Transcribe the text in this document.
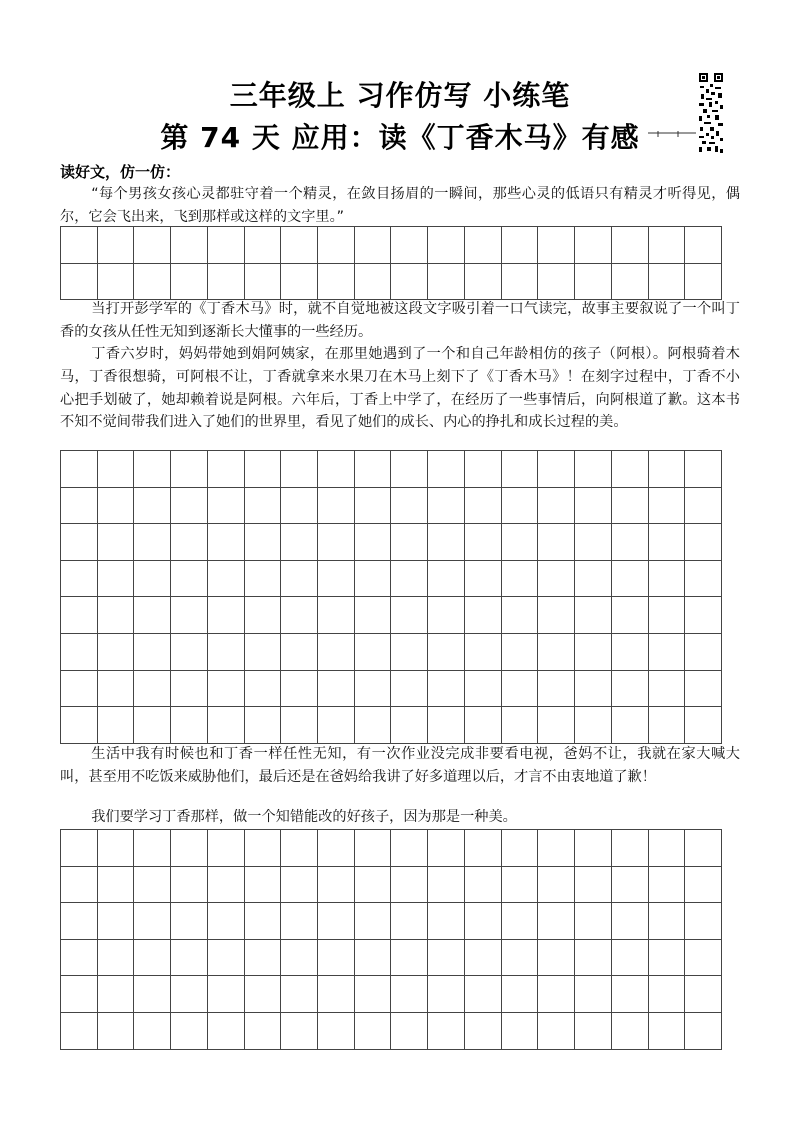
三年级上 习作仿写 小练笔
第 74 天 应用：读《丁香木马》有感
读好文，仿一仿：

“每个男孩女孩心灵都驻守着一个精灵，在敛目扬眉的一瞬间，那些心灵的低语只有精灵才听得见，偶尔，它会飞出来，飞到那样或这样的文字里。”

当打开彭学军的《丁香木马》时，就不自觉地被这段文字吸引着一口气读完，故事主要叙说了一个叫丁香的女孩从任性无知到逐渐长大懂事的一些经历。

丁香六岁时，妈妈带她到娟阿姨家，在那里她遇到了一个和自己年龄相仿的孩子（阿根）。阿根骑着木马，丁香很想骑，可阿根不让，丁香就拿来水果刀在木马上刻下了《丁香木马》！在刻字过程中，丁香不小心把手划破了，她却赖着说是阿根。六年后，丁香上中学了，在经历了一些事情后，向阿根道了歉。这本书不知不觉间带我们进入了她们的世界里，看见了她们的成长、内心的挣扎和成长过程的美。

生活中我有时候也和丁香一样任性无知，有一次作业没完成非要看电视，爸妈不让，我就在家大喊大叫，甚至用不吃饭来威胁他们，最后还是在爸妈给我讲了好多道理以后，才言不由衷地道了歉！

我们要学习丁香那样，做一个知错能改的好孩子，因为那是一种美。
